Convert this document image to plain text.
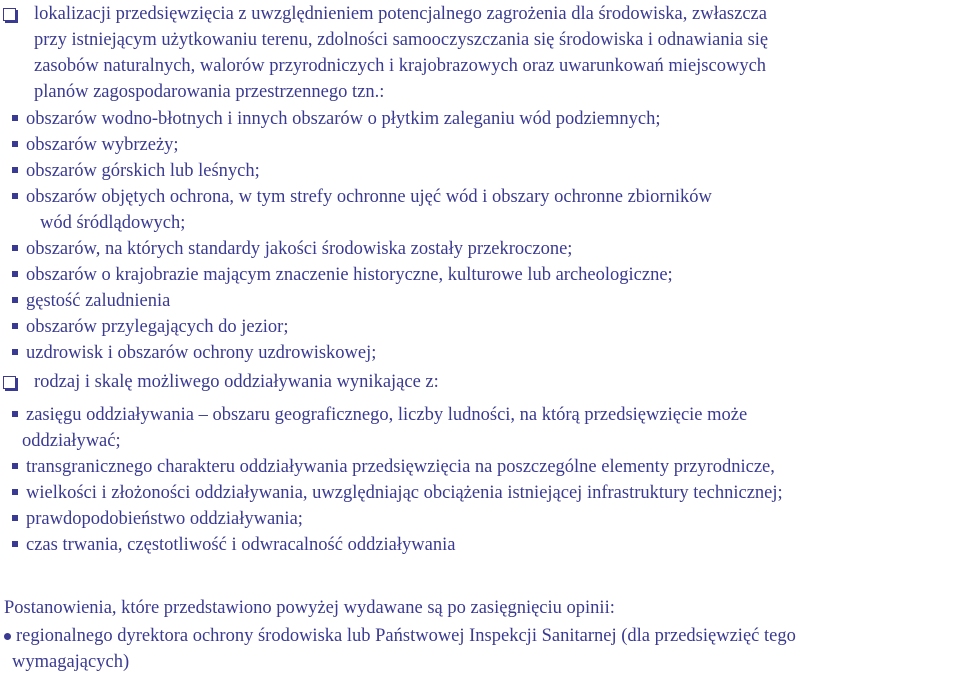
lokalizacji przedsięwzięcia z uwzględnieniem potencjalnego zagrożenia dla środowiska, zwłaszcza
przy istniejącym użytkowaniu terenu, zdolności samooczyszczania się środowiska i odnawiania się
zasobów naturalnych, walorów przyrodniczych i krajobrazowych oraz uwarunkowań miejscowych
planów zagospodarowania przestrzennego tzn.:
obszarów wodno-błotnych i innych obszarów o płytkim zaleganiu wód podziemnych;
obszarów wybrzeży;
obszarów górskich lub leśnych;
obszarów objętych ochrona, w tym strefy ochronne ujęć wód i obszary ochronne zbiorników
wód śródlądowych;
obszarów, na których standardy jakości środowiska zostały przekroczone;
obszarów o krajobrazie mającym znaczenie historyczne, kulturowe lub archeologiczne;
gęstość zaludnienia
obszarów przylegających do jezior;
uzdrowisk i obszarów ochrony uzdrowiskowej;
rodzaj i skalę możliwego oddziaływania wynikające z:
zasięgu oddziaływania – obszaru geograficznego, liczby ludności, na którą przedsięwzięcie może
oddziaływać;
transgranicznego charakteru oddziaływania przedsięwzięcia na poszczególne elementy przyrodnicze,
wielkości i złożoności oddziaływania, uwzględniając obciążenia istniejącej infrastruktury technicznej;
prawdopodobieństwo oddziaływania;
czas trwania, częstotliwość i odwracalność oddziaływania
Postanowienia, które przedstawiono powyżej wydawane są po zasięgnięciu opinii:
regionalnego dyrektora ochrony środowiska lub Państwowej Inspekcji Sanitarnej (dla przedsięwzięć tego
wymagających)
